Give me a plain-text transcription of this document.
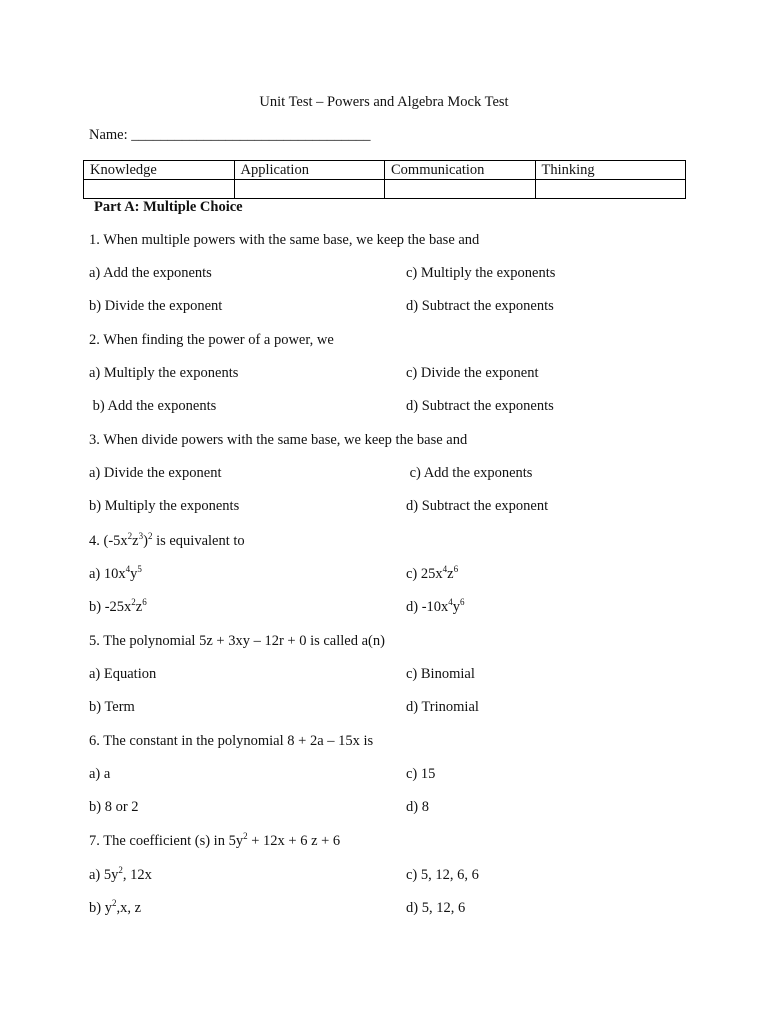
Unit Test – Powers and Algebra Mock Test
Name: _________________________________
Knowledge	Application	Communication	Thinking

Part A: Multiple Choice
1. When multiple powers with the same base, we keep the base and
a) Add the exponents	c) Multiply the exponents
b) Divide the exponent	d) Subtract the exponents
2. When finding the power of a power, we
a) Multiply the exponents	c) Divide the exponent
b) Add the exponents	d) Subtract the exponents
3. When divide powers with the same base, we keep the base and
a) Divide the exponent	c) Add the exponents
b) Multiply the exponents	d) Subtract the exponent
4. $(-5x^2z^3)^2$ is equivalent to
a) $10x^4y^5$	c) $25x^4z^6$
b) $-25x^2z^6$	d) $-10x^4y^6$
5. The polynomial 5z + 3xy – 12r + 0 is called a(n)
a) Equation	c) Binomial
b) Term	d) Trinomial
6. The constant in the polynomial 8 + 2a – 15x is
a) a	c) 15
b) 8 or 2	d) 8
7. The coefficient (s) in $5y^2 + 12x + 6$ z + 6
a) $5y^2$, 12x	c) 5, 12, 6, 6
b) $y^2,x$, z	d) 5, 12, 6
